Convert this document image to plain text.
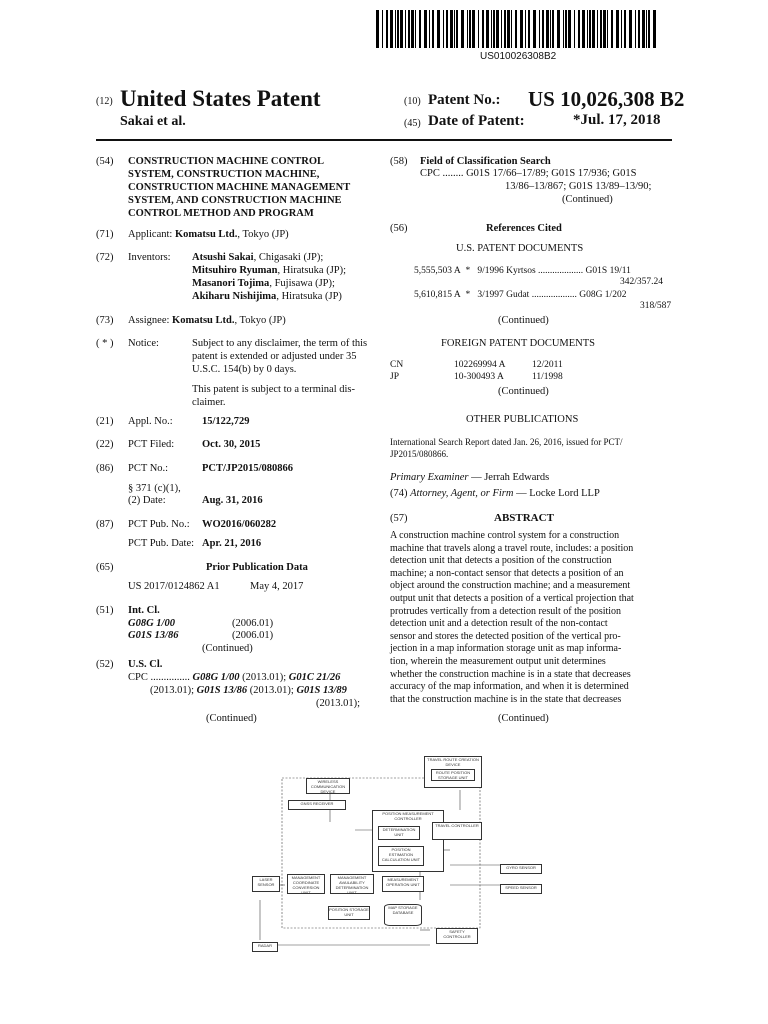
US010026308B2
(12) United States Patent
Sakai et al.
(10) Patent No.: US 10,026,308 B2
(45) Date of Patent:	*Jul. 17, 2018
(54) CONSTRUCTION MACHINE CONTROL
SYSTEM, CONSTRUCTION MACHINE,
CONSTRUCTION MACHINE MANAGEMENT
SYSTEM, AND CONSTRUCTION MACHINE
CONTROL METHOD AND PROGRAM
(71) Applicant: Komatsu Ltd., Tokyo (JP)
(72) Inventors: Atsushi Sakai, Chigasaki (JP);
Mitsuhiro Ryuman, Hiratsuka (JP);
Masanori Tojima, Fujisawa (JP);
Akiharu Nishijima, Hiratsuka (JP)
(73) Assignee: Komatsu Ltd., Tokyo (JP)
( * ) Notice:	Subject to any disclaimer, the term of this
patent is extended or adjusted under 35
U.S.C. 154(b) by 0 days.
This patent is subject to a terminal dis-
claimer.
(21) Appl. No.:	15/122,729
(22) PCT Filed:	Oct. 30, 2015
(86) PCT No.:	PCT/JP2015/080866
§ 371 (c)(1),
(2) Date:	Aug. 31, 2016
(87) PCT Pub. No.: WO2016/060282
PCT Pub. Date: Apr. 21, 2016
(65)	Prior Publication Data
US 2017/0124862 A1	May 4, 2017
(51) Int. Cl.
G08G 1/00	(2006.01)
G01S 13/86	(2006.01)
(Continued)
(52) U.S. Cl.
CPC ............... G08G 1/00 (2013.01); G01C 21/26
(2013.01); G01S 13/86 (2013.01); G01S 13/89
(2013.01);
(Continued)
(58) Field of Classification Search
CPC ........ G01S 17/66–17/89; G01S 17/936; G01S
13/86–13/867; G01S 13/89–13/90;
(Continued)
(56)	References Cited
U.S. PATENT DOCUMENTS
5,555,503 A * 9/1996 Kyrtsos ................... G01S 19/11
342/357.24
5,610,815 A * 3/1997 Gudat ................... G08G 1/202
318/587
(Continued)
FOREIGN PATENT DOCUMENTS
CN	102269994 A	12/2011
JP	10-300493 A	11/1998
(Continued)
OTHER PUBLICATIONS
International Search Report dated Jan. 26, 2016, issued for PCT/
JP2015/080866.
Primary Examiner — Jerrah Edwards
(74) Attorney, Agent, or Firm — Locke Lord LLP
(57)	ABSTRACT
A construction machine control system for a construction
machine that travels along a travel route, includes: a position
detection unit that detects a position of the construction
machine; a non-contact sensor that detects a position of an
object around the construction machine; and a measurement
output unit that detects a position of a vertical projection that
protrudes vertically from a detection result of the position
detection unit and a detection result of the non-contact
sensor and stores the detected position of the vertical pro-
jection in a map information storage unit as map informa-
tion, wherein the measurement output unit determines
whether the construction machine is in a state that decreases
accuracy of the map information, and when it is determined
that the construction machine is in the state that decreases
(Continued)
TRAVEL ROUTE CREATION DEVICE
ROUTE POSITION STORAGE UNIT
WIRELESS COMMUNICATION DEVICE
GNSS RECEIVER
POSITION MEASUREMENT CONTROLLER
DETERMINATION UNIT
TRAVEL CONTROLLER
POSITION ESTIMATION CALCULATION UNIT
GYRO SENSOR
SPEED SENSOR
LASER SENSOR
MANAGEMENT COORDINATE CONVERSION UNIT
MANAGEMENT AVAILABILITY DETERMINATION UNIT
MEASUREMENT OPERATION UNIT
POSITION STORAGE UNIT
MAP STORAGE DATABASE
SAFETY CONTROLLER
RADAR
